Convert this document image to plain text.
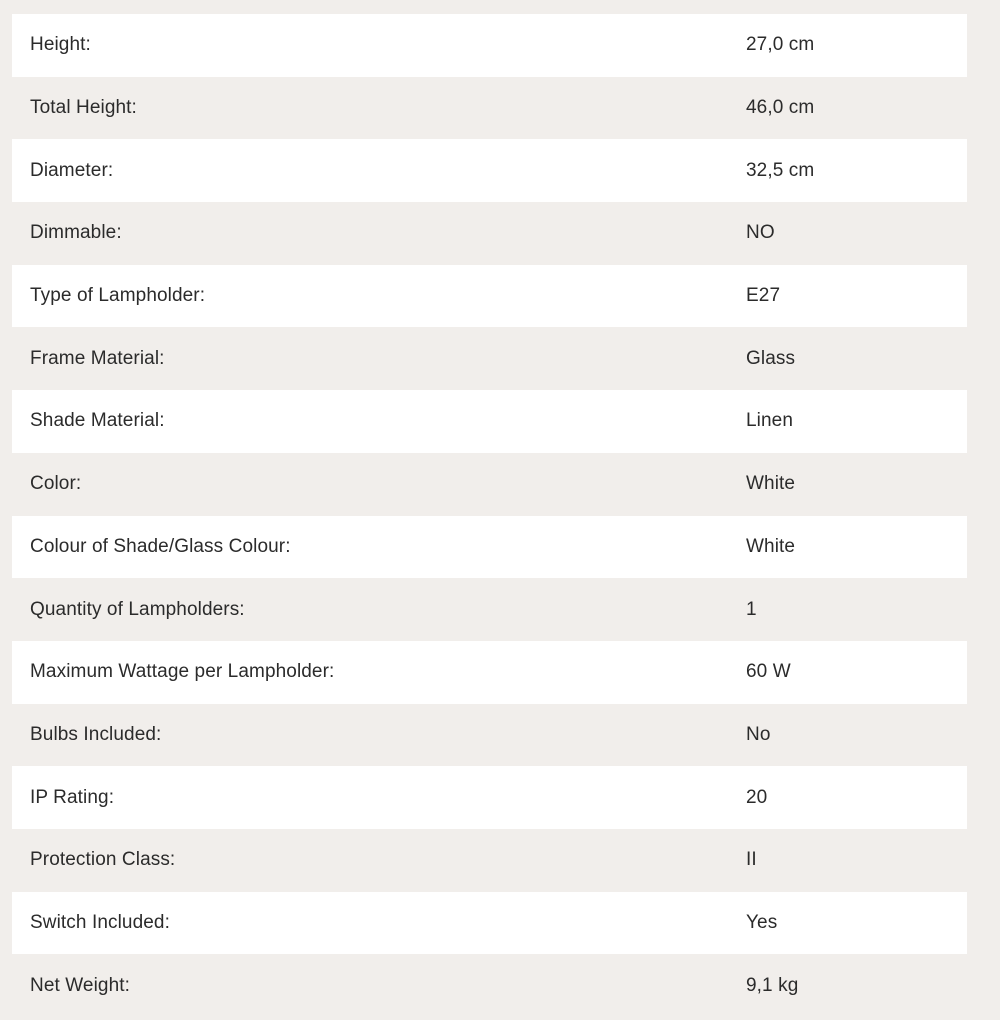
Height:	27,0 cm
Total Height:	46,0 cm
Diameter:	32,5 cm
Dimmable:	NO
Type of Lampholder:	E27
Frame Material:	Glass
Shade Material:	Linen
Color:	White
Colour of Shade/Glass Colour:	White
Quantity of Lampholders:	1
Maximum Wattage per Lampholder:	60 W
Bulbs Included:	No
IP Rating:	20
Protection Class:	II
Switch Included:	Yes
Net Weight:	9,1 kg
